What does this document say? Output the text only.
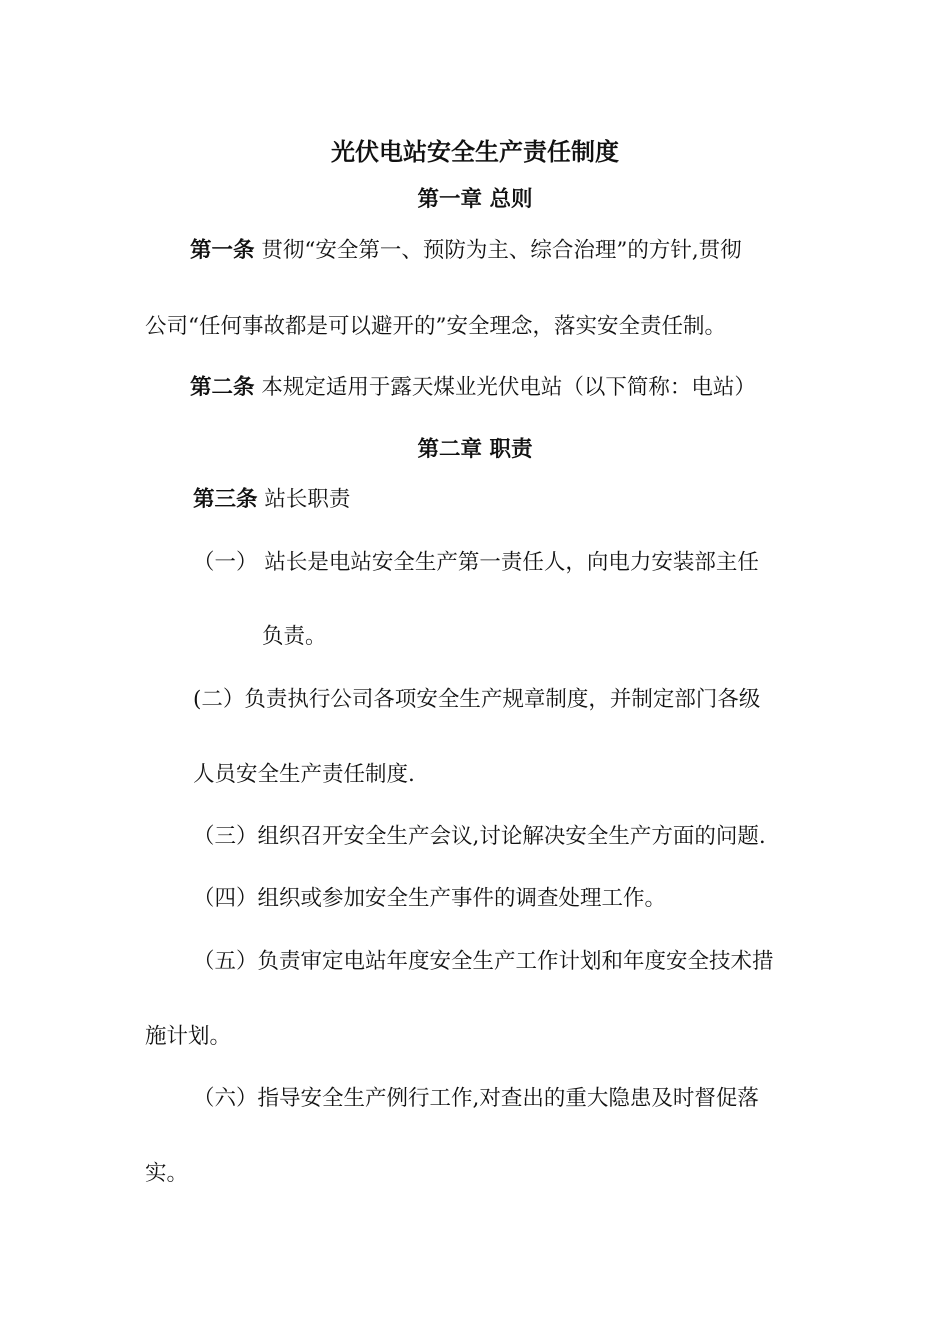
光伏电站安全生产责任制度
第一章 总则
第一条 贯彻“安全第一、预防为主、综合治理”的方针,贯彻
公司“任何事故都是可以避开的”安全理念，落实安全责任制。
第二条 本规定适用于露天煤业光伏电站（以下简称：电站）
第二章 职责
第三条 站长职责
（一） 站长是电站安全生产第一责任人，向电力安装部主任
负责。
(二）负责执行公司各项安全生产规章制度，并制定部门各级
人员安全生产责任制度.
（三）组织召开安全生产会议,讨论解决安全生产方面的问题.
（四）组织或参加安全生产事件的调查处理工作。
（五）负责审定电站年度安全生产工作计划和年度安全技术措
施计划。
（六）指导安全生产例行工作,对查出的重大隐患及时督促落
实。
